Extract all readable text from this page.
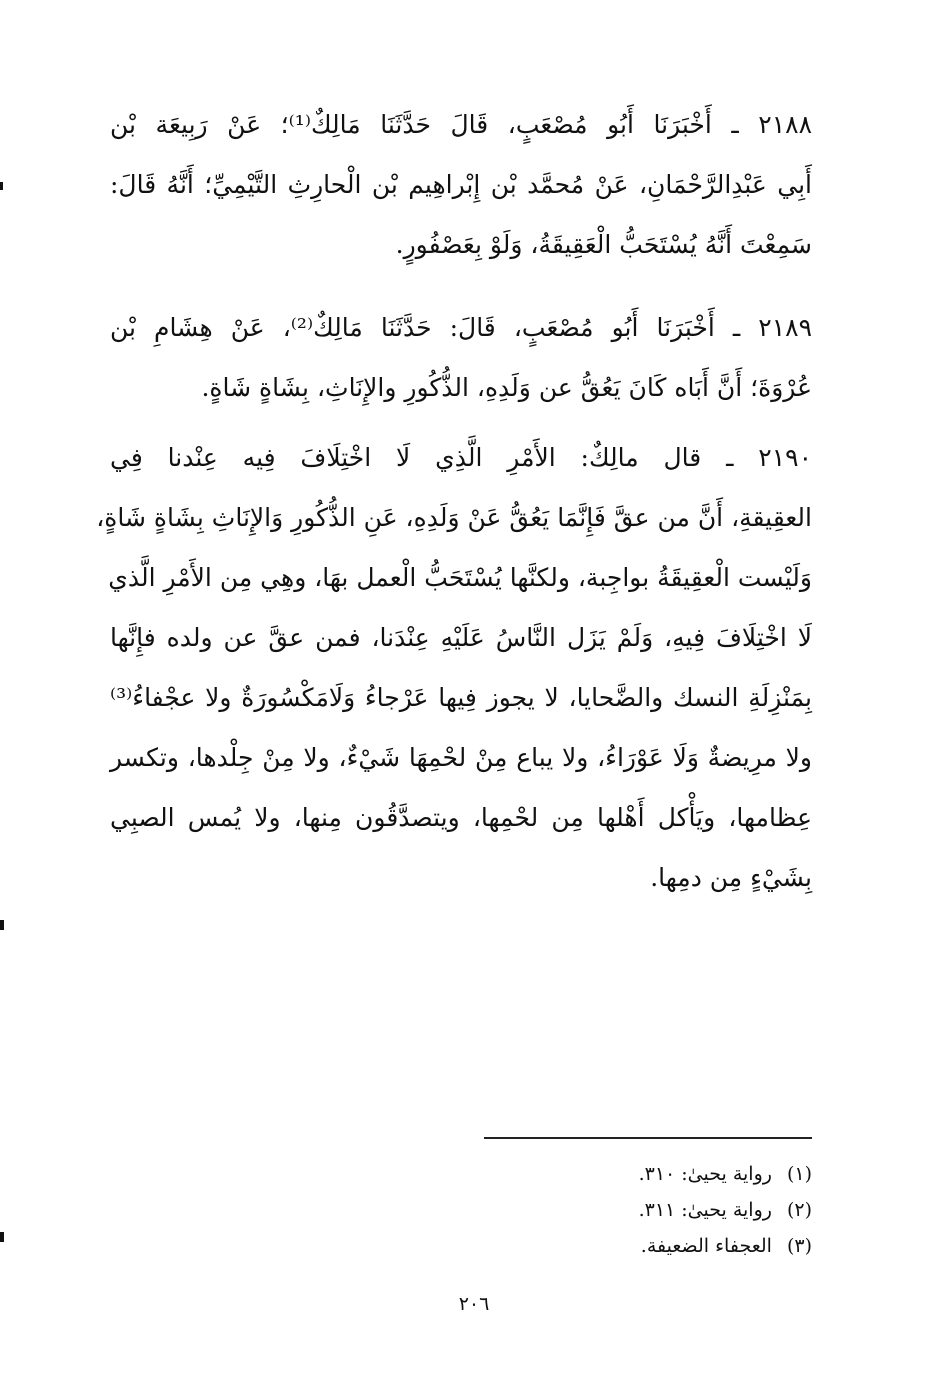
٢١٨٨ ـ أَخْبَرَنَا أَبُو مُصْعَبٍ، قَالَ حَدَّثَنَا مَالِكٌ⁽¹⁾؛ عَنْ رَبِيعَة بْن
أَبِي عَبْدِالرَّحْمَانِ، عَنْ مُحمَّد بْن إِبْراهِيم بْن الْحارِثِ التَّيْمِيِّ؛ أَنَّهُ قَالَ:
سَمِعْتَ أَنَّهُ يُسْتَحَبُّ الْعَقِيقَةُ، وَلَوْ بِعَصْفُورٍ.
٢١٨٩ ـ أَخْبَرَنَا أَبُو مُصْعَبٍ، قَالَ: حَدَّثَنَا مَالِكٌ⁽²⁾، عَنْ هِشَامِ بْن
عُرْوَةَ؛ أَنَّ أَبَاه كَانَ يَعُقُّ عن وَلَدِهِ، الذُّكُورِ والإِنَاثِ، بِشَاةٍ شَاةٍ.
٢١٩٠ ـ قال مالِكٌ: الأَمْرِ الَّذِي لَا اخْتِلَافَ فِيه عِنْدنا فِي
العقِيقةِ، أَنَّ من عقَّ فَإِنَّمَا يَعُقُّ عَنْ وَلَدِهِ، عَنِ الذُّكُورِ وَالإِنَاثِ بِشَاةٍ شَاةٍ،
وَلَيْست الْعقِيقَةُ بواجِبة، ولكنَّها يُسْتَحَبُّ الْعمل بهَا، وهِي مِن الأَمْرِ الَّذي
لَا اخْتِلَافَ فِيهِ، وَلَمْ يَزَل النَّاسُ عَلَيْهِ عِنْدَنا، فمن عقَّ عن ولده فإِنَّها
بِمَنْزِلَةِ النسك والضَّحايا، لا يجوز فِيها عَرْجاءُ وَلَامَكْسُورَةٌ ولا عجْفاءُ⁽³⁾
ولا مرِيضةٌ وَلَا عَوْرَاءُ، ولا يباع مِنْ لحْمِهَا شَيْءٌ، ولا مِنْ جِلْدها، وتكسر
عِظامها، ويَأْكل أَهْلها مِن لحْمِها، ويتصدَّقُون مِنها، ولا يُمس الصبِي
بِشَيْءٍ مِن دمِها.
(١) رواية يحيىٰ: ٣١٠.
(٢) رواية يحيىٰ: ٣١١.
(٣) العجفاء الضعيفة.
٢٠٦
